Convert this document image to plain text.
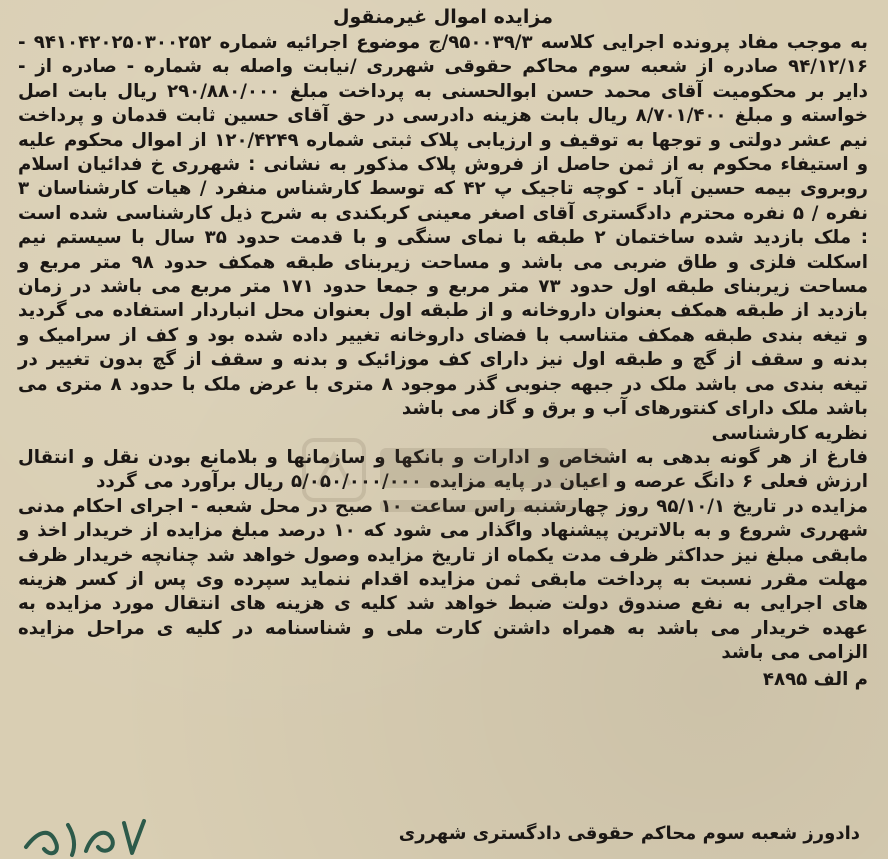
مزایده اموال غیرمنقول

به موجب مفاد پرونده اجرایی کلاسه ۹۵۰۰۳۹/۳/ج موضوع اجرائیه شماره ۹۴۱۰۴۲۰۲۵۰۳۰۰۲۵۲ - ۹۴/۱۲/۱۶ صادره از شعبه سوم محاکم حقوقی شهرری /نیابت واصله به شماره - صادره از - دایر بر محکومیت آقای محمد حسن ابوالحسنی به پرداخت مبلغ ۲۹۰/۸۸۰/۰۰۰ ریال بابت اصل خواسته و مبلغ ۸/۷۰۱/۴۰۰ ریال بابت هزینه دادرسی در حق آقای حسین ثابت قدمان و پرداخت نیم عشر دولتی و توجها به توقیف و ارزیابی پلاک ثبتی شماره ۱۲۰/۴۲۴۹ از اموال محکوم علیه و استیفاء محکوم به از ثمن حاصل از فروش پلاک مذکور به نشانی : شهرری خ فدائیان اسلام روبروی بیمه حسین آباد - کوچه تاجیک پ ۴۲ که توسط کارشناس منفرد / هیات کارشناسان ۳ نفره / ۵ نفره محترم دادگستری آقای اصغر معینی کربکندی به شرح ذیل کارشناسی شده است : ملک بازدید شده ساختمان ۲ طبقه با نمای سنگی و با قدمت حدود ۳۵ سال با سیستم نیم اسکلت فلزی و طاق ضربی می باشد و مساحت زیربنای طبقه همکف حدود ۹۸ متر مربع و مساحت زیربنای طبقه اول حدود ۷۳ متر مربع و جمعا حدود ۱۷۱ متر مربع می باشد در زمان بازدید از طبقه همکف بعنوان داروخانه و از طبقه اول بعنوان محل انباردار استفاده می گردید و تیغه بندی طبقه همکف متناسب با فضای داروخانه تغییر داده شده بود و کف از سرامیک و بدنه و سقف از گچ و طبقه اول نیز دارای کف موزائیک و بدنه و سقف از گچ بدون تغییر در تیغه بندی می باشد ملک در جبهه جنوبی گذر موجود ۸ متری با عرض ملک با حدود ۸ متری می باشد ملک دارای کنتورهای آب و برق و گاز می باشد

نظریه کارشناسی

فارغ از هر گونه بدهی به اشخاص و ادارات و بانکها و سازمانها و بلامانع بودن نقل و انتقال ارزش فعلی ۶ دانگ عرصه و اعیان در پایه مزایده ۵/۰۵۰/۰۰۰/۰۰۰ ریال برآورد می گردد

مزایده در تاریخ ۹۵/۱۰/۱ روز چهارشنبه راس ساعت ۱۰ صبح در محل شعبه - اجرای احکام مدنی شهرری شروع و به بالاترین پیشنهاد واگذار می شود که ۱۰ درصد مبلغ مزایده از خریدار اخذ و مابقی مبلغ نیز حداکثر ظرف مدت یکماه از تاریخ مزایده وصول خواهد شد چنانچه خریدار ظرف مهلت مقرر نسبت به پرداخت مابقی ثمن مزایده اقدام ننماید سپرده وی پس از کسر هزینه های اجرایی به نفع صندوق دولت ضبط خواهد شد کلیه ی هزینه های انتقال مورد مزایده به عهده خریدار می باشد به همراه داشتن کارت ملی و شناسنامه در کلیه ی مراحل مزایده الزامی می باشد

م الف ۴۸۹۵

دادورز شعبه سوم محاکم حقوقی دادگستری شهرری
